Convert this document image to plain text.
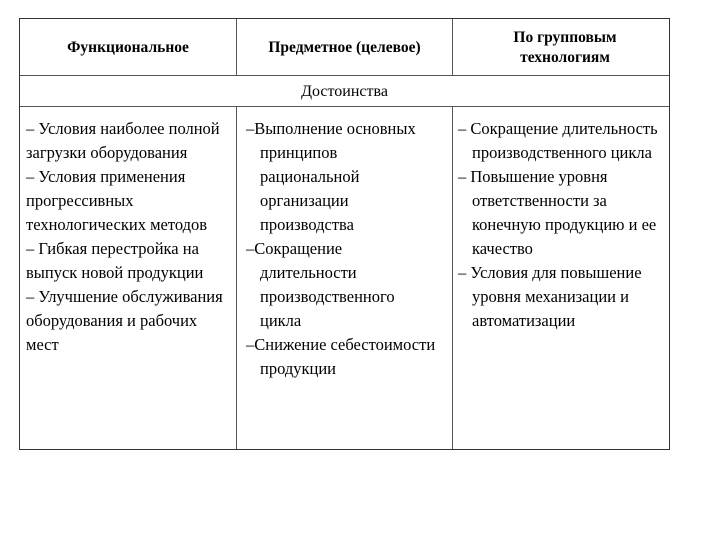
Функциональное	Предметное (целевое)
По групповым технологиям
Достоинства
– Условия наиболее полной загрузки оборудования
– Условия применения прогрессивных технологических методов
– Гибкая перестройка на выпуск новой продукции
– Улучшение обслуживания оборудования и рабочих мест
–Выполнение основных принципов рациональной организации производства
–Сокращение длительности производственного цикла
–Снижение себестоимости продукции
– Сокращение длительность производственного цикла
– Повышение уровня ответственности за конечную продукцию и ее качество
– Условия для повышение уровня механизации и автоматизации
